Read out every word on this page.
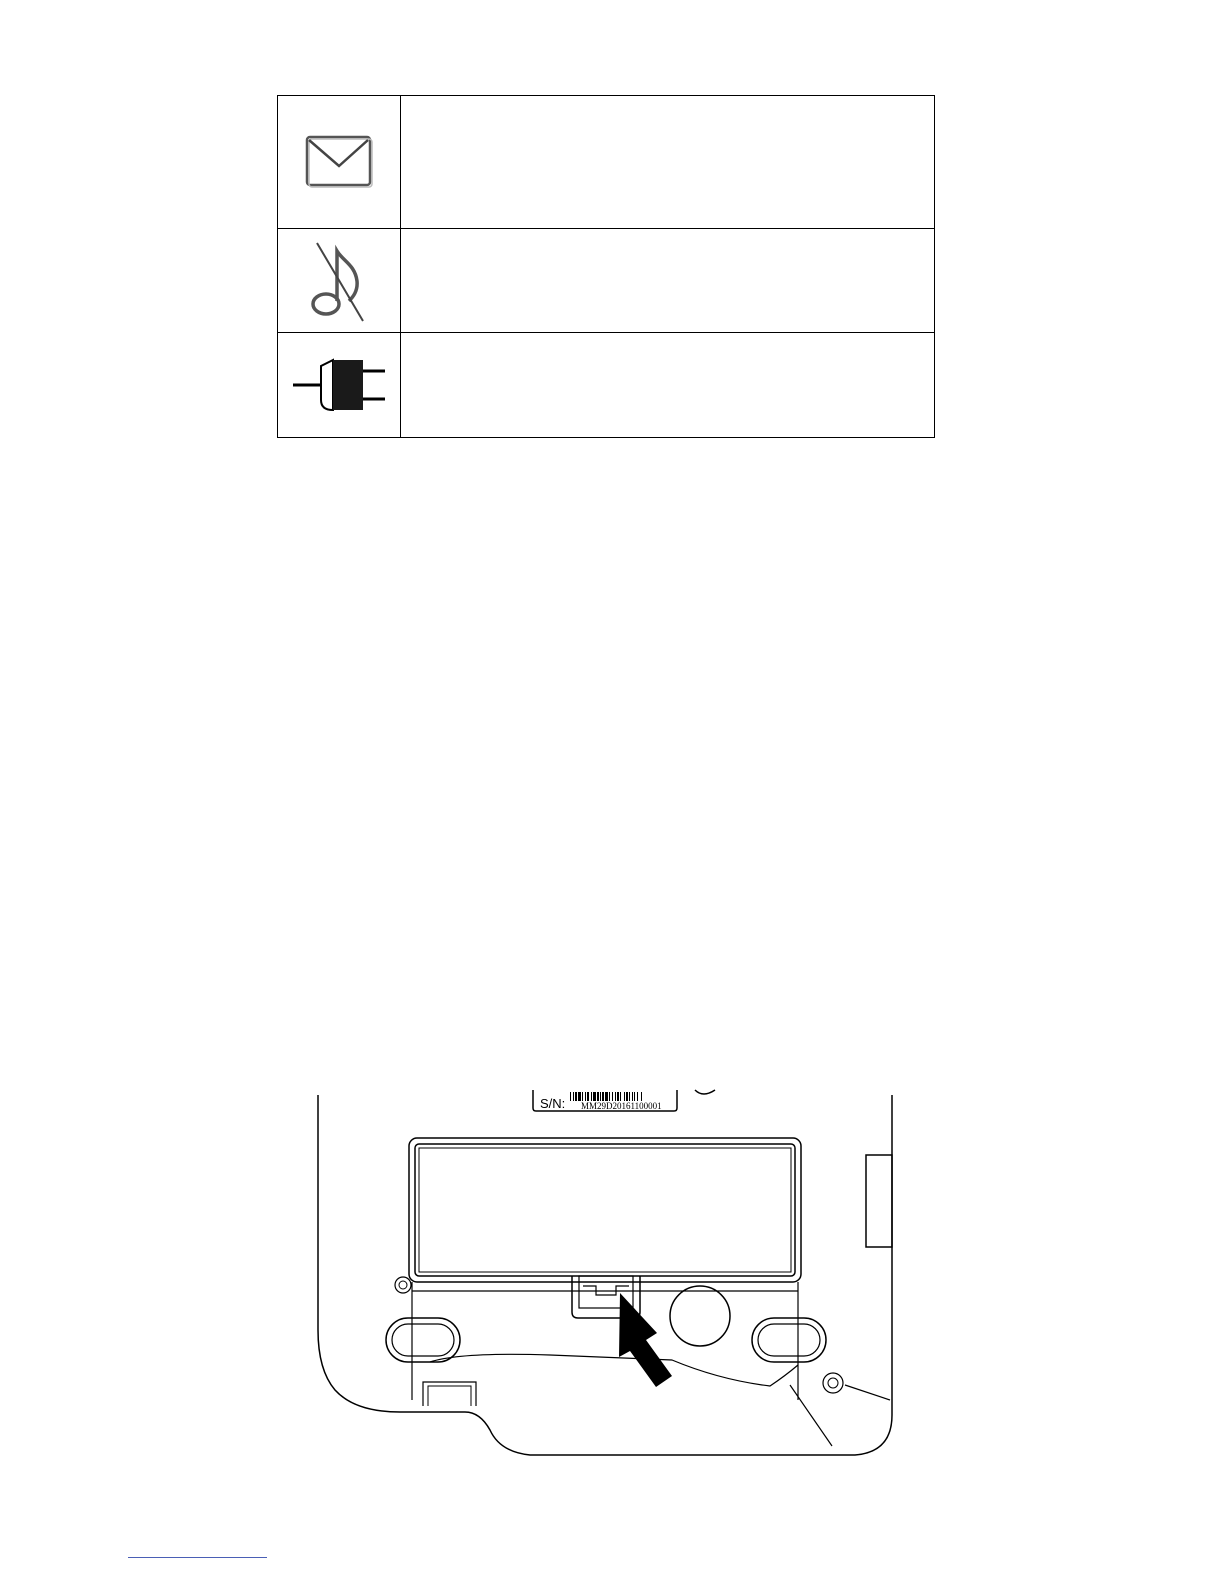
S/N: MM29D20161100001
